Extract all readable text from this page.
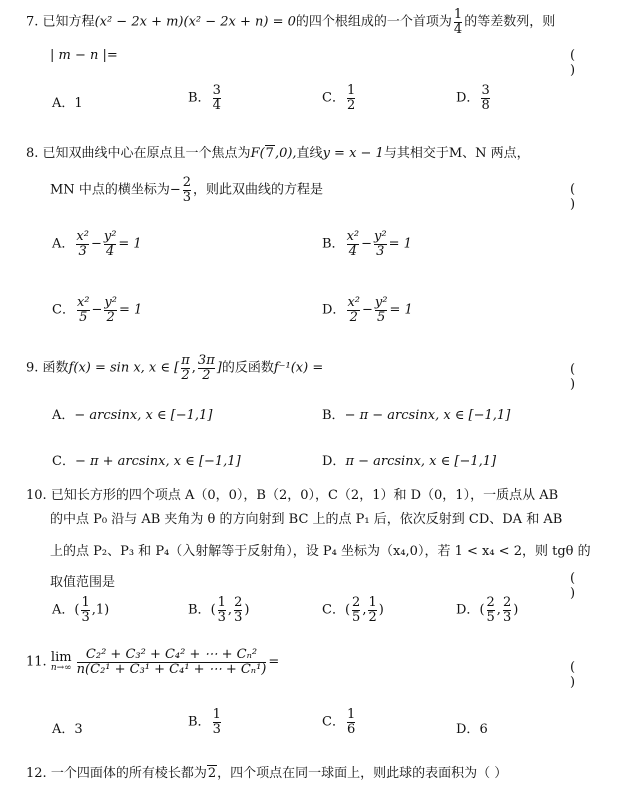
7. 已知方程(x² − 2x + m)(x² − 2x + n) = 0的四个根组成的一个首项为 $\frac{1}{4}$ 的等差数列，则
| m − n |=	( )
A．1	B． $\frac{3}{4}$	C． $\frac{1}{2}$	D． $\frac{3}{8}$
8. 已知双曲线中心在原点且一个焦点为F(7,0),直线y = x − 1与其相交于M、N 两点，
MN 中点的横坐标为− $\frac{2}{3}$ ，则此双曲线的方程是	( )
A． $\frac{\text{x²}}{3} - \frac{\text{y²}}{4} = 1$	B． $\frac{\text{x²}}{4} - \frac{\text{y²}}{3} = 1$
C． $\frac{\text{x²}}{5} - \frac{\text{y²}}{2} = 1$	D． $\frac{\text{x²}}{2} - \frac{\text{y²}}{5} = 1$
9. 函数f(x) = sin x, x ∈ [ $\frac{\pi}{2}$ , $\frac{3\pi}{2}$ ]的反函数f⁻¹(x) =	( )
A．− arcsinx, x ∈ [−1,1]	B．− π − arcsinx, x ∈ [−1,1]
C．− π + arcsinx, x ∈ [−1,1]	D．π − arcsinx, x ∈ [−1,1]
10. 已知长方形的四个项点 A（0，0），B（2，0），C（2，1）和 D（0，1），一质点从 AB
的中点 P₀ 沿与 AB 夹角为 θ 的方向射到 BC 上的点 P₁ 后，依次反射到 CD、DA 和 AB
上的点 P₂、P₃ 和 P₄（入射解等于反射角），设 P₄ 坐标为（x₄,0），若 1 < x₄ < 2，则 tgθ 的
取值范围是	( )
A．( $\frac{1}{3} ,1$)	B．( $\frac{1}{3}$ , $\frac{2}{3}$ )	C．( $\frac{2}{5}$ , $\frac{1}{2}$ )	D．( $\frac{2}{5}$ , $\frac{2}{3}$ )
11. lim
$n\to\infty \frac{\text{C₂² + C₃² + C₄² + ⋯ + Cₙ²}}{\text{n(C₂¹ + C₃¹ + C₄¹ + ⋯ + Cₙ¹)}}$ =	( )
A．3	B． $\frac{1}{3}$	C． $\frac{1}{6}$	D．6
12. 一个四面体的所有棱长都为2，四个项点在同一球面上，则此球的表面积为（ ）
